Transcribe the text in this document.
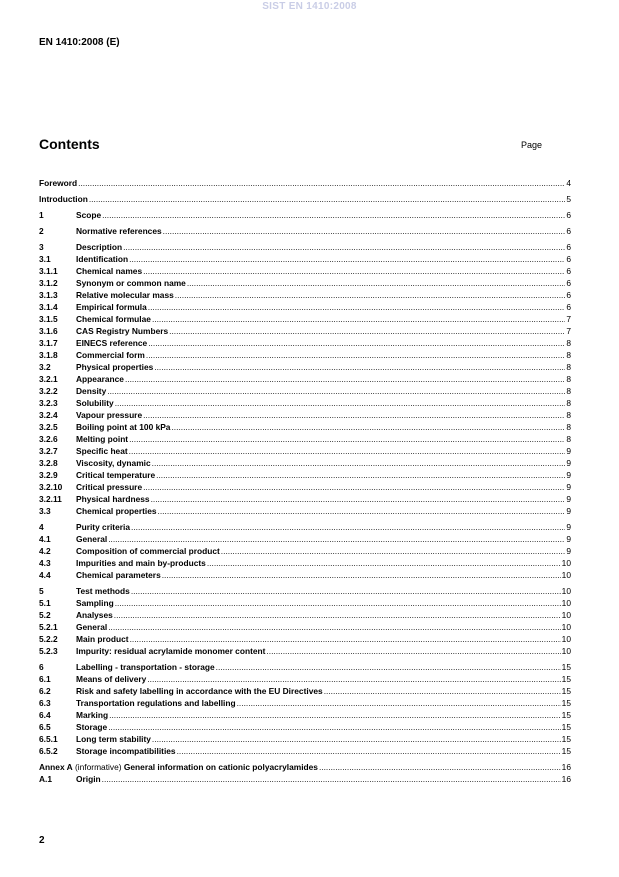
SIST EN 1410:2008
EN 1410:2008 (E)
Contents	Page
Foreword .....	4
Introduction .....	5
1	Scope .....	6
2	Normative references .....	6
3	Description .....	6
3.1	Identification .....	6
3.1.1	Chemical names .....	6
3.1.2	Synonym or common name .....	6
3.1.3	Relative molecular mass .....	6
3.1.4	Empirical formula .....	6
3.1.5	Chemical formulae .....	7
3.1.6	CAS Registry Numbers .....	7
3.1.7	EINECS reference .....	8
3.1.8	Commercial form .....	8
3.2	Physical properties .....	8
3.2.1	Appearance .....	8
3.2.2	Density .....	8
3.2.3	Solubility .....	8
3.2.4	Vapour pressure .....	8
3.2.5	Boiling point at 100 kPa .....	8
3.2.6	Melting point .....	8
3.2.7	Specific heat .....	9
3.2.8	Viscosity, dynamic .....	9
3.2.9	Critical temperature .....	9
3.2.10	Critical pressure .....	9
3.2.11	Physical hardness .....	9
3.3	Chemical properties .....	9
4	Purity criteria .....	9
4.1	General .....	9
4.2	Composition of commercial product .....	9
4.3	Impurities and main by-products .....	10
4.4	Chemical parameters .....	10
5	Test methods .....	10
5.1	Sampling .....	10
5.2	Analyses .....	10
5.2.1	General .....	10
5.2.2	Main product .....	10
5.2.3	Impurity: residual acrylamide monomer content .....	10
6	Labelling - transportation - storage .....	15
6.1	Means of delivery .....	15
6.2	Risk and safety labelling in accordance with the EU Directives .....	15
6.3	Transportation regulations and labelling .....	15
6.4	Marking .....	15
6.5	Storage .....	15
6.5.1	Long term stability .....	15
6.5.2	Storage incompatibilities .....	15
Annex A (informative) General information on cationic polyacrylamides .....	16
A.1	Origin .....	16
2
